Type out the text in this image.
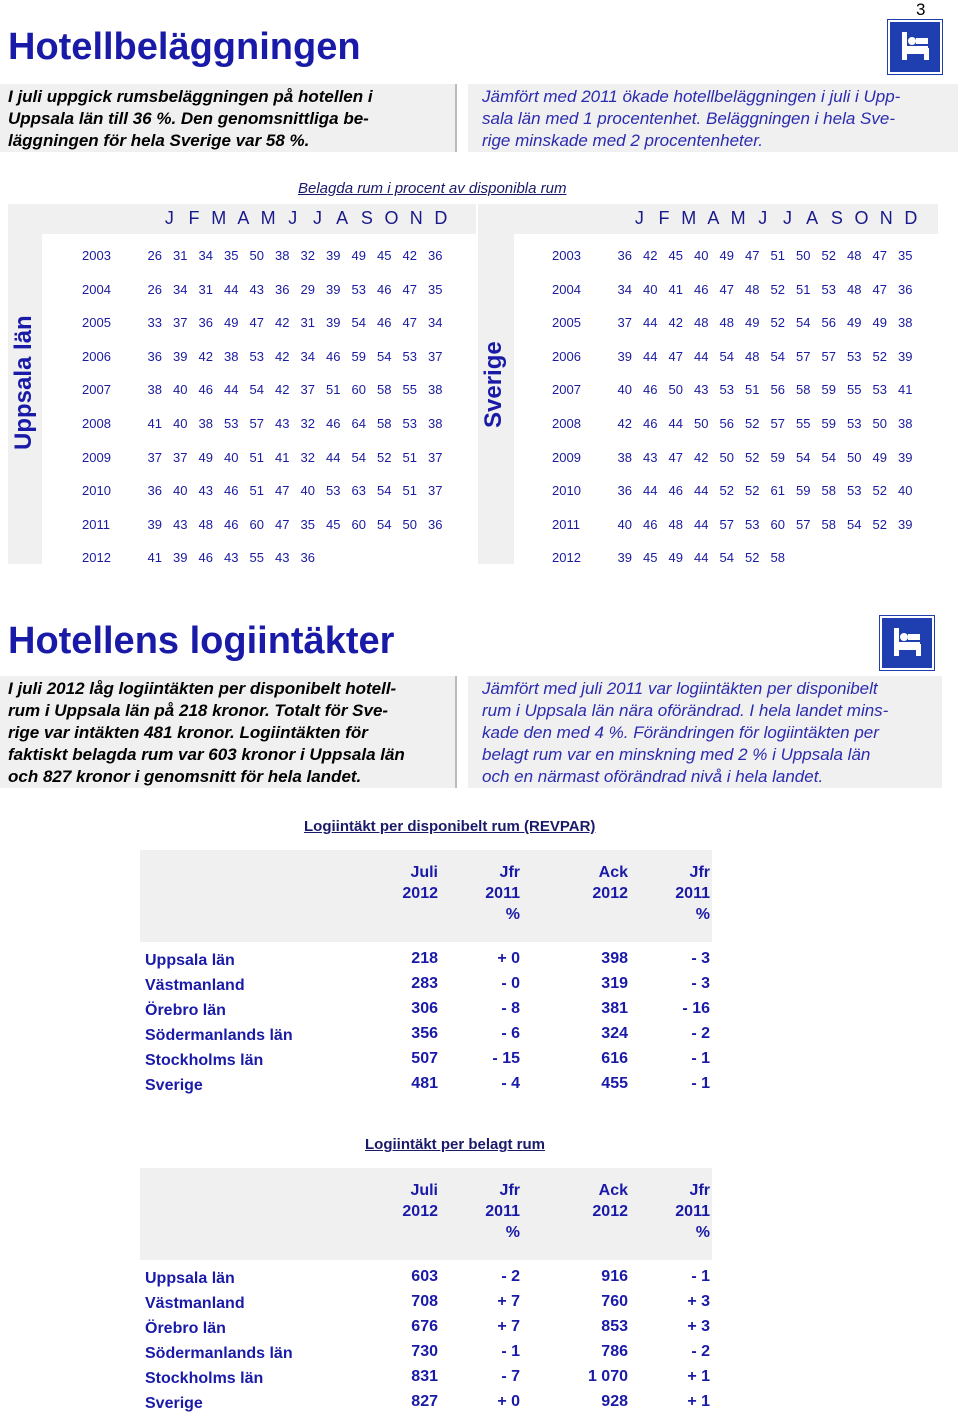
3
Hotellbeläggningen
I juli uppgick rumsbeläggningen på hotellen i
Uppsala län till 36 %. Den genomsnittliga be-
läggningen för hela Sverige var 58 %.
Jämfört med 2011 ökade hotellbeläggningen i juli i Upp-
sala län med 1 procentenhet. Beläggningen i hela Sve-
rige minskade med 2 procentenheter.
Belagda rum i procent av disponibla rum
J F M A M J J A S O N D	J F M A M J J A S O N D
Uppsala län	Sverige
2003	26 31 34 35 50 38 32 39 49 45 42 36
2004	26 34 31 44 43 36 29 39 53 46 47 35
2005	33 37 36 49 47 42 31 39 54 46 47 34
2006	36 39 42 38 53 42 34 46 59 54 53 37
2007	38 40 46 44 54 42 37 51 60 58 55 38
2008	41 40 38 53 57 43 32 46 64 58 53 38
2009	37 37 49 40 51 41 32 44 54 52 51 37
2010	36 40 43 46 51 47 40 53 63 54 51 37
2011	39 43 48 46 60 47 35 45 60 54 50 36
2012	41 39 46 43 55 43 36
2003	36 42 45 40 49 47 51 50 52 48 47 35
2004	34 40 41 46 47 48 52 51 53 48 47 36
2005	37 44 42 48 48 49 52 54 56 49 49 38
2006	39 44 47 44 54 48 54 57 57 53 52 39
2007	40 46 50 43 53 51 56 58 59 55 53 41
2008	42 46 44 50 56 52 57 55 59 53 50 38
2009	38 43 47 42 50 52 59 54 54 50 49 39
2010	36 44 46 44 52 52 61 59 58 53 52 40
2011	40 46 48 44 57 53 60 57 58 54 52 39
2012	39 45 49 44 54 52 58
Hotellens logiintäkter
I juli 2012 låg logiintäkten per disponibelt hotell-
rum i Uppsala län på 218 kronor. Totalt för Sve-
rige var intäkten 481 kronor. Logiintäkten för
faktiskt belagda rum var 603 kronor i Uppsala län
och 827 kronor i genomsnitt för hela landet.
Jämfört med juli 2011 var logiintäkten per disponibelt
rum i Uppsala län nära oförändrad. I hela landet mins-
kade den med 4 %. Förändringen för logiintäkten per
belagt rum var en minskning med 2 % i Uppsala län
och en närmast oförändrad nivå i hela landet.
Logiintäkt per disponibelt rum (REVPAR)
Juli
2012
Jfr
2011
%
Ack
2012
Jfr
2011
%
Uppsala län	218	+ 0	398	- 3
Västmanland	283	- 0	319	- 3
Örebro län	306	- 8	381	- 16
Södermanlands län	356	- 6	324	- 2
Stockholms län	507	- 15	616	- 1
Sverige	481	- 4	455	- 1
Logiintäkt per belagt rum
Juli
2012
Jfr
2011
%
Ack
2012
Jfr
2011
%
Uppsala län	603	- 2	916	- 1
Västmanland	708	+ 7	760	+ 3
Örebro län	676	+ 7	853	+ 3
Södermanlands län	730	- 1	786	- 2
Stockholms län	831	- 7	1 070	+ 1
Sverige	827	+ 0	928	+ 1
